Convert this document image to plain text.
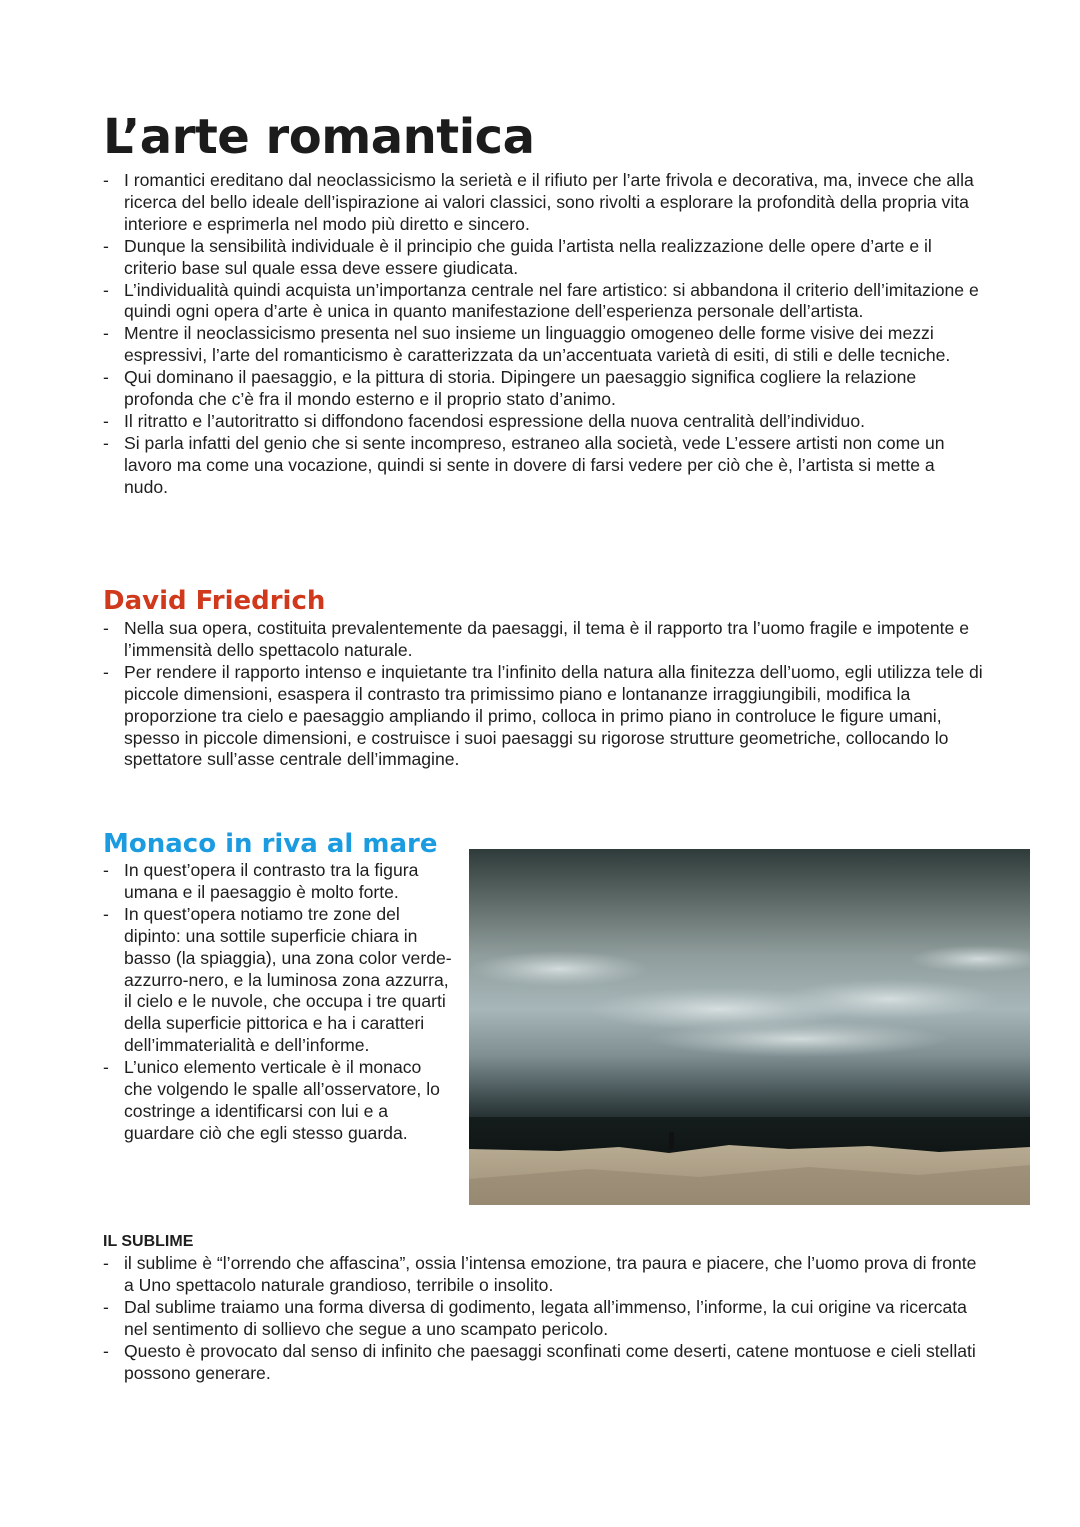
L’arte romantica
- I romantici ereditano dal neoclassicismo la serietà e il rifiuto per l’arte frivola e decorativa, ma, invece che alla ricerca del bello ideale dell’ispirazione ai valori classici, sono rivolti a esplorare la profondità della propria vita interiore e esprimerla nel modo più diretto e sincero.
- Dunque la sensibilità individuale è il principio che guida l’artista nella realizzazione delle opere d’arte e il criterio base sul quale essa deve essere giudicata.
- L’individualità quindi acquista un’importanza centrale nel fare artistico: si abbandona il criterio dell’imitazione e quindi ogni opera d’arte è unica in quanto manifestazione dell’esperienza personale dell’artista.
- Mentre il neoclassicismo presenta nel suo insieme un linguaggio omogeneo delle forme visive dei mezzi espressivi, l’arte del romanticismo è caratterizzata da un’accentuata varietà di esiti, di stili e delle tecniche.
- Qui dominano il paesaggio, e la pittura di storia. Dipingere un paesaggio significa cogliere la relazione profonda che c’è fra il mondo esterno e il proprio stato d’animo.
- Il ritratto e l’autoritratto si diffondono facendosi espressione della nuova centralità dell’individuo.
- Si parla infatti del genio che si sente incompreso, estraneo alla società, vede L’essere artisti non come un lavoro ma come una vocazione, quindi si sente in dovere di farsi vedere per ciò che è, l’artista si mette a nudo.
David Friedrich
- Nella sua opera, costituita prevalentemente da paesaggi, il tema è il rapporto tra l’uomo fragile e impotente e l’immensità dello spettacolo naturale.
- Per rendere il rapporto intenso e inquietante tra l’infinito della natura alla finitezza dell’uomo, egli utilizza tele di piccole dimensioni, esaspera il contrasto tra primissimo piano e lontananze irraggiungibili, modifica la proporzione tra cielo e paesaggio ampliando il primo, colloca in primo piano in controluce le figure umani, spesso in piccole dimensioni, e costruisce i suoi paesaggi su rigorose strutture geometriche, collocando lo spettatore sull’asse centrale dell’immagine.
Monaco in riva al mare
- In quest’opera il contrasto tra la figura umana e il paesaggio è molto forte.
- In quest’opera notiamo tre zone del dipinto: una sottile superficie chiara in basso (la spiaggia), una zona color verde-azzurro-nero, e la luminosa zona azzurra, il cielo e le nuvole, che occupa i tre quarti della superficie pittorica e ha i caratteri dell’immaterialità e dell’informe.
- L’unico elemento verticale è il monaco che volgendo le spalle all’osservatore, lo costringe a identificarsi con lui e a guardare ciò che egli stesso guarda.
IL SUBLIME
- il sublime è “l’orrendo che affascina”, ossia l’intensa emozione, tra paura e piacere, che l’uomo prova di fronte a Uno spettacolo naturale grandioso, terribile o insolito.
- Dal sublime traiamo una forma diversa di godimento, legata all’immenso, l’informe, la cui origine va ricercata nel sentimento di sollievo che segue a uno scampato pericolo.
- Questo è provocato dal senso di infinito che paesaggi sconfinati come deserti, catene montuose e cieli stellati possono generare.
